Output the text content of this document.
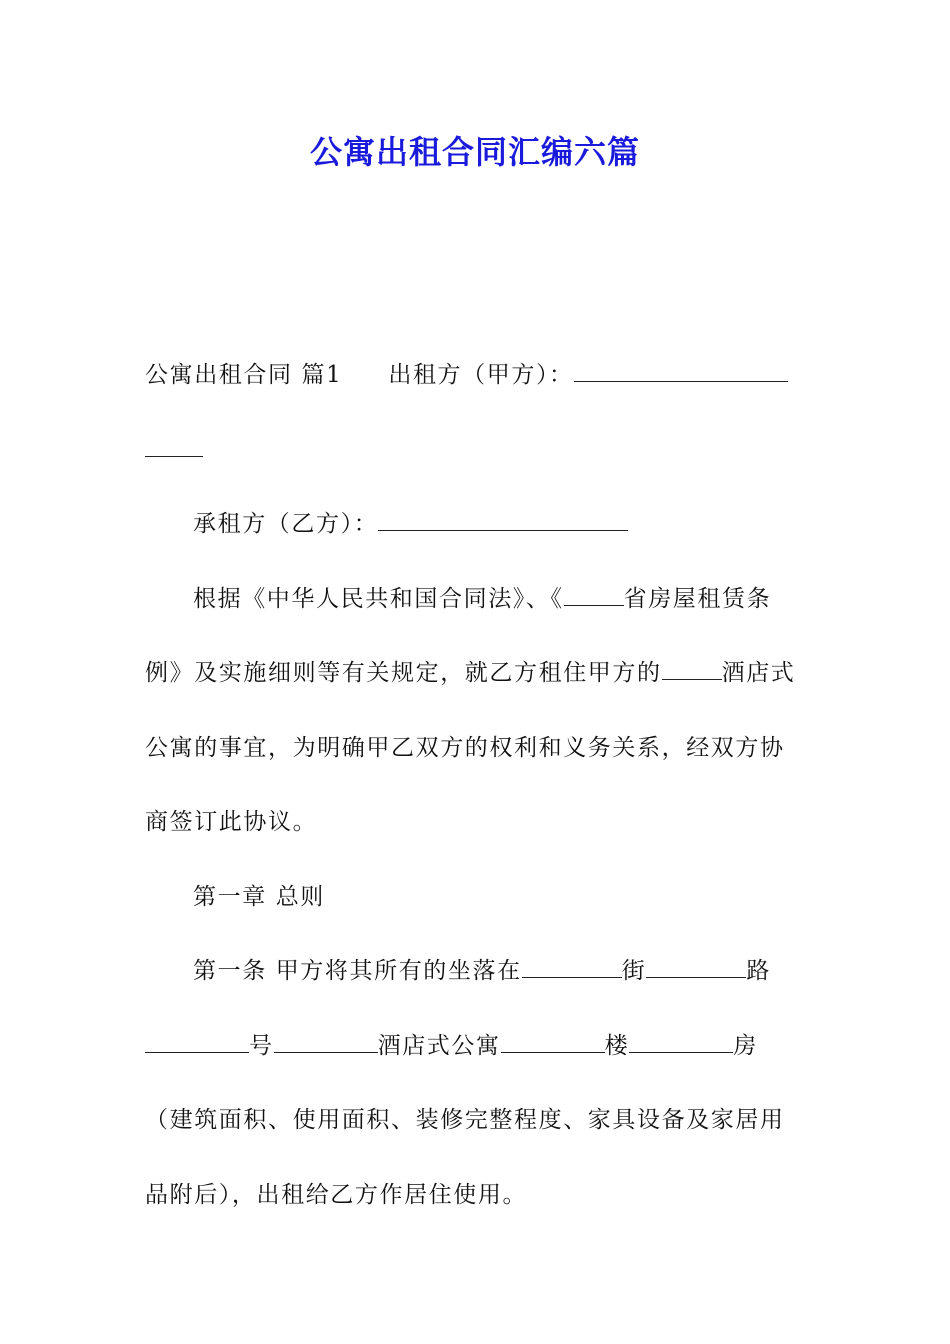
公寓出租合同汇编六篇

公寓出租合同 篇1 出租方（甲方）：

承租方（乙方）：

根据《中华人民共和国合同法》、《	省房屋租赁条例》及实施细则等有关规定，就乙方租住甲方的	酒店式公寓的事宜，为明确甲乙双方的权利和义务关系，经双方协商签订此协议。

第一章 总则

第一条 甲方将其所有的坐落在	街	路号	酒店式公寓	楼	房（建筑面积、使用面积、装修完整程度、家具设备及家居用品附后），出租给乙方作居住使用。
